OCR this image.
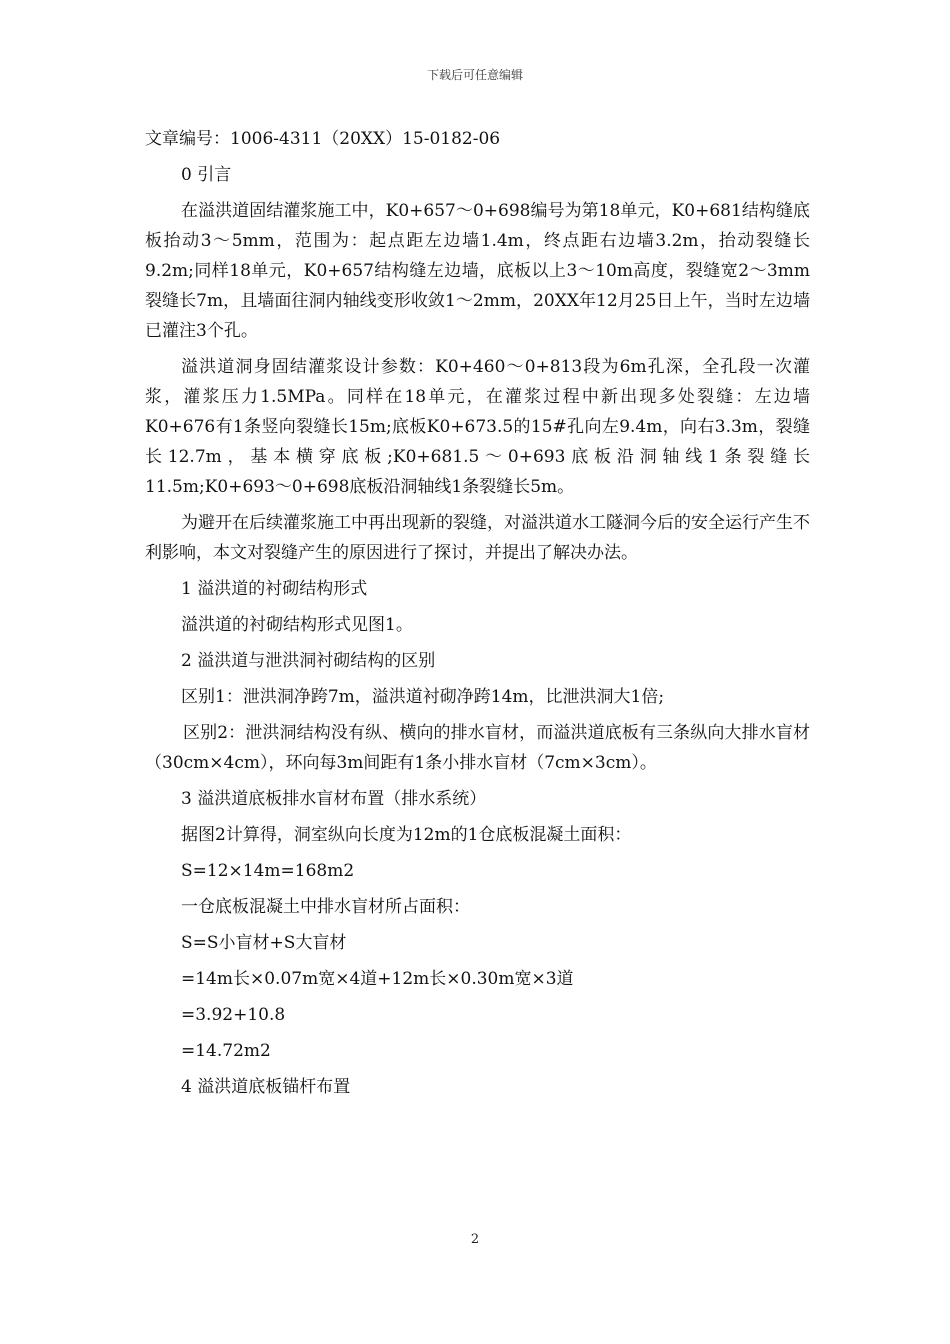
下载后可任意编辑

文章编号：1006-4311（20XX）15-0182-06

0 引言

在溢洪道固结灌浆施工中，K0+657～0+698编号为第18单元，K0+681结构缝底板抬动3～5mm，范围为：起点距左边墙1.4m，终点距右边墙3.2m，抬动裂缝长9.2m;同样18单元，K0+657结构缝左边墙，底板以上3～10m高度，裂缝宽2～3mm裂缝长7m，且墙面往洞内轴线变形收敛1～2mm，20XX年12月25日上午，当时左边墙已灌注3个孔。

溢洪道洞身固结灌浆设计参数：K0+460～0+813段为6m孔深，全孔段一次灌浆，灌浆压力1.5MPa。同样在18单元，在灌浆过程中新出现多处裂缝：左边墙K0+676有1条竖向裂缝长15m;底板K0+673.5的15#孔向左9.4m，向右3.3m，裂缝长12.7m，基本横穿底板;K0+681.5～0+693底板沿洞轴线1条裂缝长11.5m;K0+693～0+698底板沿洞轴线1条裂缝长5m。

为避开在后续灌浆施工中再出现新的裂缝，对溢洪道水工隧洞今后的安全运行产生不利影响，本文对裂缝产生的原因进行了探讨，并提出了解决办法。

1 溢洪道的衬砌结构形式

溢洪道的衬砌结构形式见图1。

2 溢洪道与泄洪洞衬砌结构的区别

区别1：泄洪洞净跨7m，溢洪道衬砌净跨14m，比泄洪洞大1倍;

区别2：泄洪洞结构没有纵、横向的排水盲材，而溢洪道底板有三条纵向大排水盲材（30cm×4cm），环向每3m间距有1条小排水盲材（7cm×3cm）。

3 溢洪道底板排水盲材布置（排水系统）

据图2计算得，洞室纵向长度为12m的1仓底板混凝土面积：

S=12×14m=168m2

一仓底板混凝土中排水盲材所占面积：

S=S小盲材+S大盲材

=14m长×0.07m宽×4道+12m长×0.30m宽×3道

=3.92+10.8

=14.72m2

4 溢洪道底板锚杆布置

2
